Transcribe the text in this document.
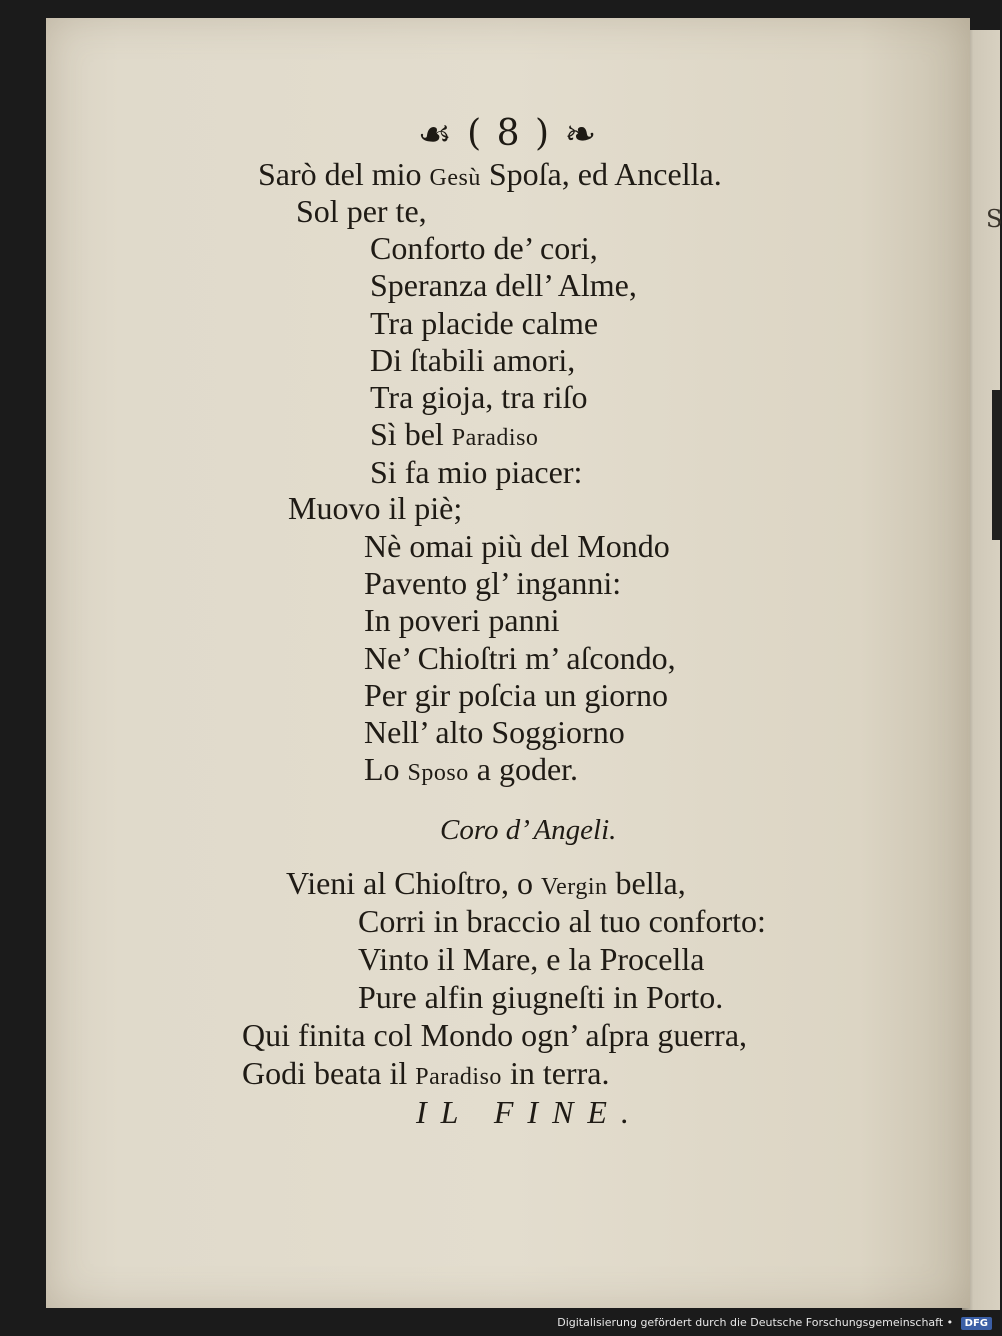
S
☙ ( 8 ) ❧
Sarò del mio Gesù Spoſa, ed Ancella.
Sol per te,
Conforto de’ cori,
Speranza dell’ Alme,
Tra placide calme
Di ſtabili amori,
Tra gioja, tra riſo
Sì bel Paradiso
Si fa mio piacer:
Muovo il piè;
Nè omai più del Mondo
Pavento gl’ inganni:
In poveri panni
Ne’ Chioſtri m’ aſcondo,
Per gir poſcia un giorno
Nell’ alto Soggiorno
Lo Sposo a goder.
Coro d’ Angeli.
Vieni al Chioſtro, o Vergin bella,
Corri in braccio al tuo conforto:
Vinto il Mare, e la Procella
Pure alfin giugneſti in Porto.
Qui finita col Mondo ogn’ aſpra guerra,
Godi beata il Paradiso in terra.
IL FINE.
Digitalisierung gefördert durch die Deutsche Forschungsgemeinschaft • DFG
